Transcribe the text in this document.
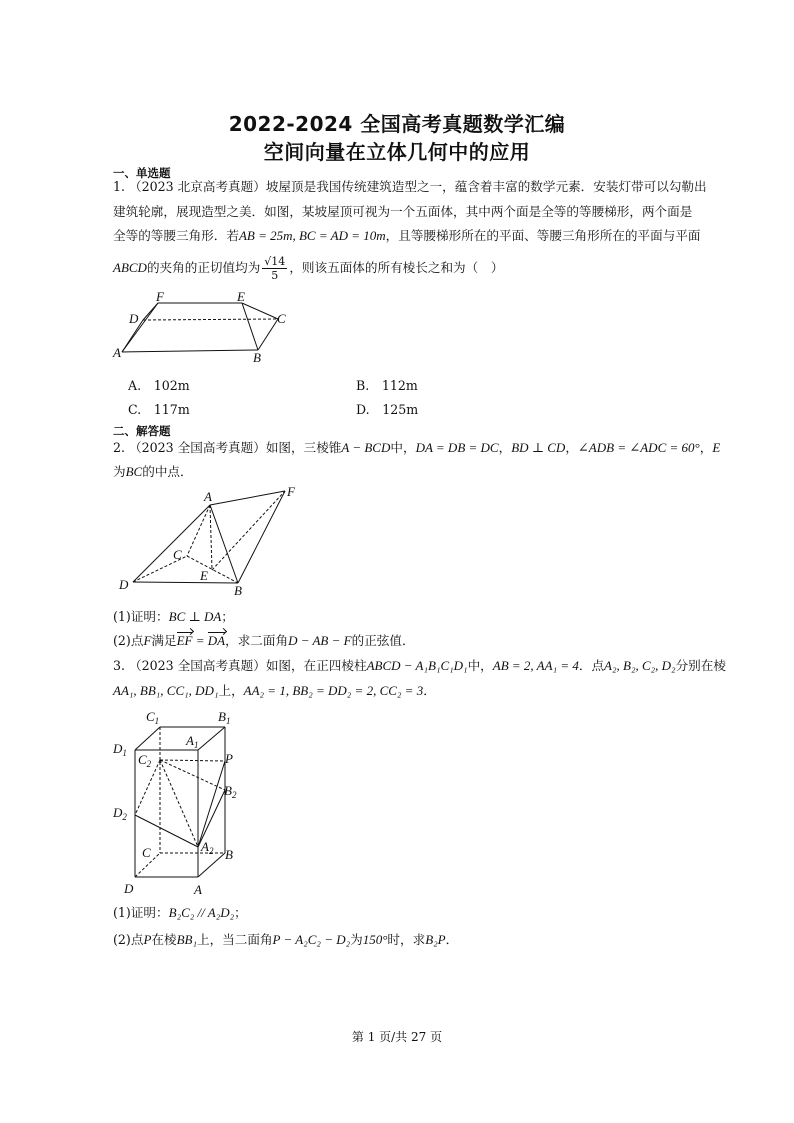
2022-2024 全国高考真题数学汇编
空间向量在立体几何中的应用
一、单选题
1. （2023 北京高考真题）坡屋顶是我国传统建筑造型之一，蕴含着丰富的数学元素．安装灯带可以勾勒出
建筑轮廓，展现造型之美．如图，某坡屋顶可视为一个五面体，其中两个面是全等的等腰梯形，两个面是
全等的等腰三角形．若AB = 25m, BC = AD = 10m，且等腰梯形所在的平面、等腰三角形所在的平面与平面
ABCD的夹角的正切值均为 $\frac{√14}{5}$ ，则该五面体的所有棱长之和为（　）
F	E
D	C
A	B
A.　102m	B.　112m
C.　117m	D.　125m
二、解答题
2. （2023 全国高考真题）如图，三棱锥A − BCD中，DA = DB = DC，BD ⊥ CD，∠ADB = ∠ADC = 60°，E
为BC的中点．
A	F
C
E
D	B
(1)证明：BC ⊥ DA；
(2)点F满足EF = DA，求二面角D − AB − F的正弦值．
3. （2023 全国高考真题）如图，在正四棱柱ABCD − A₁B₁C₁D₁中，AB = 2, AA₁ = 4．点A₂, B₂, C₂, D₂分别在棱
AA₁, BB₁, CC₁, DD₁上，AA₂ = 1, BB₂ = DD₂ = 2, CC₂ = 3．
$C_1$	$B_1$
$A_1$
$D_1$ $C_2$	P
$B_2$
$D_2$
C	$A_2$ B
D	A
(1)证明：B₂C₂ // A₂D₂；
(2)点P在棱BB₁上，当二面角P − A₂C₂ − D₂为150°时，求B₂P．
第 1 页/共 27 页
